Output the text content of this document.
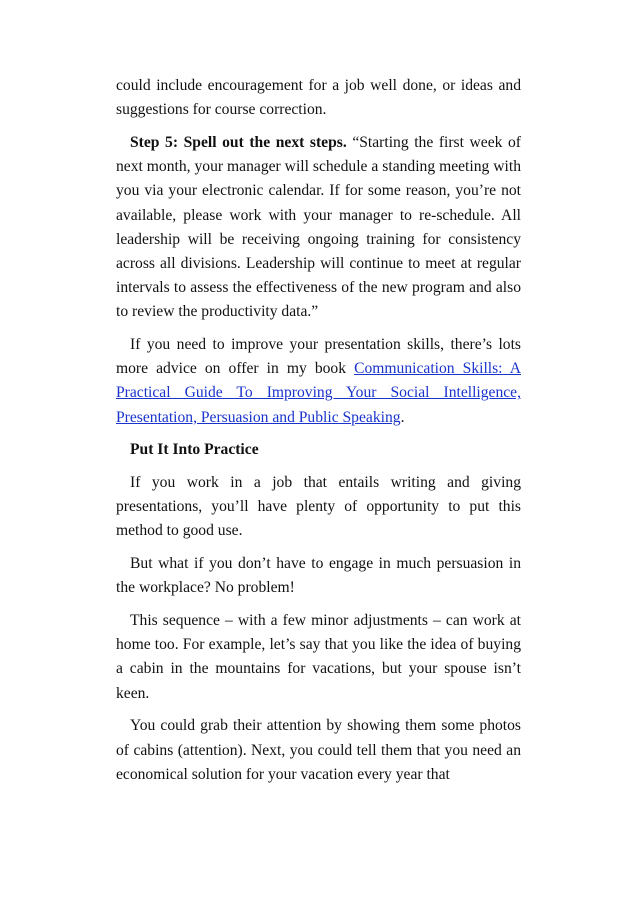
could include encouragement for a job well done, or ideas and suggestions for course correction.

Step 5: Spell out the next steps. “Starting the first week of next month, your manager will schedule a standing meeting with you via your electronic calendar. If for some reason, you’re not available, please work with your manager to re-schedule. All leadership will be receiving ongoing training for consistency across all divisions. Leadership will continue to meet at regular intervals to assess the effectiveness of the new program and also to review the productivity data.”

If you need to improve your presentation skills, there’s lots more advice on offer in my book Communication Skills: A Practical Guide To Improving Your Social Intelligence, Presentation, Persuasion and Public Speaking.

Put It Into Practice

If you work in a job that entails writing and giving presentations, you’ll have plenty of opportunity to put this method to good use.

But what if you don’t have to engage in much persuasion in the workplace? No problem!

This sequence – with a few minor adjustments – can work at home too. For example, let’s say that you like the idea of buying a cabin in the mountains for vacations, but your spouse isn’t keen.

You could grab their attention by showing them some photos of cabins (attention). Next, you could tell them that you need an economical solution for your vacation every year that
